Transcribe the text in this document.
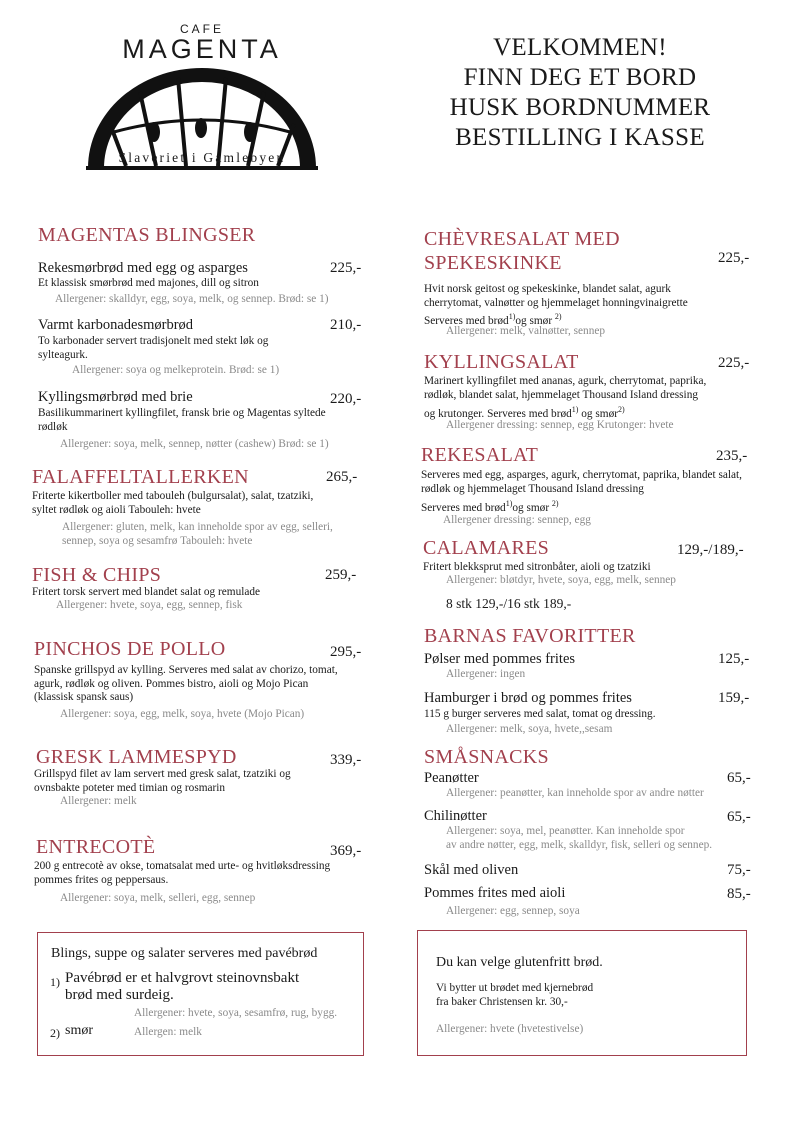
CAFE
MAGENTA
Slaveriet i Gamlebyen
VELKOMMEN!
FINN DEG ET BORD
HUSK BORDNUMMER
BESTILLING I KASSE
MAGENTAS BLINGSER
Rekesmørbrød med egg og asparges	225,-
Et klassisk smørbrød med majones, dill og sitron
Allergener: skalldyr, egg, soya, melk, og sennep. Brød: se 1)
Varmt karbonadesmørbrød	210,-
To karbonader servert tradisjonelt med stekt løk og sylteagurk.
Allergener: soya og melkeprotein. Brød: se 1)
Kyllingsmørbrød med brie	220,-
Basilikummarinert kyllingfilet, fransk brie og Magentas syltede rødløk
Allergener: soya, melk, sennep, nøtter (cashew) Brød: se 1)
FALAFFELTALLERKEN	265,-
Friterte kikertboller med tabouleh (bulgursalat), salat, tzatziki, syltet rødløk og aioli Tabouleh: hvete
Allergener: gluten, melk, kan inneholde spor av egg, selleri, sennep, soya og sesamfrø Tabouleh: hvete
FISH & CHIPS	259,-
Fritert torsk servert med blandet salat og remulade
Allergener: hvete, soya, egg, sennep, fisk
PINCHOS DE POLLO	295,-
Spanske grillspyd av kylling. Serveres med salat av chorizo, tomat, agurk, rødløk og oliven. Pommes bistro, aioli og Mojo Pican (klassisk spansk saus)
Allergener: soya, egg, melk, soya, hvete (Mojo Pican)
GRESK LAMMESPYD	339,-
Grillspyd filet av lam servert med gresk salat, tzatziki og ovnsbakte poteter med timian og rosmarin
Allergener: melk
ENTRECOTÈ	369,-
200 g entrecotè av okse, tomatsalat med urte- og hvitløksdressing pommes frites og peppersaus.
Allergener: soya, melk, selleri, egg, sennep
CHÈVRESALAT MED
SPEKESKINKE	225,-
Hvit norsk geitost og spekeskinke, blandet salat, agurk cherrytomat, valnøtter og hjemmelaget honningvinaigrette
Serveres med brød$^{1)}$og smør $^{2)}$
Allergener: melk, valnøtter, sennep
KYLLINGSALAT	225,-
Marinert kyllingfilet med ananas, agurk, cherrytomat, paprika, rødløk, blandet salat, hjemmelaget Thousand Island dressing
og krutonger. Serveres med brød$^{1)}$ og smør$^{2)}$
Allergener dressing: sennep, egg Krutonger: hvete
REKESALAT	235,-
Serveres med egg, asparges, agurk, cherrytomat, paprika, blandet salat, rødløk og hjemmelaget Thousand Island dressing
Serveres med brød$^{1)}$og smør $^{2)}$
Allergener dressing: sennep, egg
CALAMARES	129,-/189,-
Fritert blekksprut med sitronbåter, aioli og tzatziki
Allergener: bløtdyr, hvete, soya, egg, melk, sennep
8 stk 129,-/16 stk 189,-
BARNAS FAVORITTER
Pølser med pommes frites	125,-
Allergener: ingen
Hamburger i brød og pommes frites	159,-
115 g burger serveres med salat, tomat og dressing.
Allergener: melk, soya, hvete,,sesam
SMÅSNACKS
Peanøtter	65,-
Allergener: peanøtter, kan inneholde spor av andre nøtter
Chilinøtter	65,-
Allergener: soya, mel, peanøtter. Kan inneholde spor
av andre nøtter, egg, melk, skalldyr, fisk, selleri og sennep.
Skål med oliven	75,-
Pommes frites med aioli	85,-
Allergener: egg, sennep, soya
Blings, suppe og salater serveres med pavébrød
1) Pavébrød er et halvgrovt steinovnsbakt
brød med surdeig.
Allergener: hvete, soya, sesamfrø, rug, bygg.
2) smør	Allergen: melk
Du kan velge glutenfritt brød.
Vi bytter ut brødet med kjernebrød
fra baker Christensen kr. 30,-
Allergener: hvete (hvetestivelse)
